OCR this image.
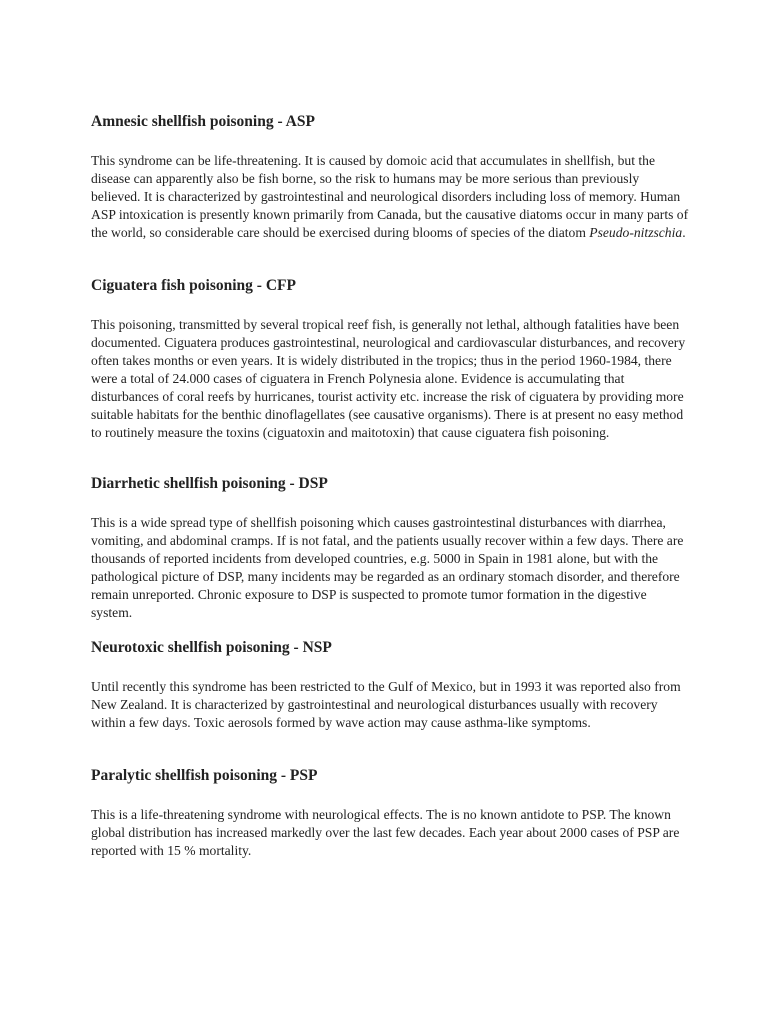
Amnesic shellfish poisoning - ASP

This syndrome can be life-threatening. It is caused by domoic acid that accumulates in shellfish, but the disease can apparently also be fish borne, so the risk to humans may be more serious than previously believed. It is characterized by gastrointestinal and neurological disorders including loss of memory. Human ASP intoxication is presently known primarily from Canada, but the causative diatoms occur in many parts of the world, so considerable care should be exercised during blooms of species of the diatom Pseudo-nitzschia.

Ciguatera fish poisoning - CFP

This poisoning, transmitted by several tropical reef fish, is generally not lethal, although fatalities have been documented. Ciguatera produces gastrointestinal, neurological and cardiovascular disturbances, and recovery often takes months or even years. It is widely distributed in the tropics; thus in the period 1960-1984, there were a total of 24.000 cases of ciguatera in French Polynesia alone. Evidence is accumulating that disturbances of coral reefs by hurricanes, tourist activity etc. increase the risk of ciguatera by providing more suitable habitats for the benthic dinoflagellates (see causative organisms). There is at present no easy method to routinely measure the toxins (ciguatoxin and maitotoxin) that cause ciguatera fish poisoning.

Diarrhetic shellfish poisoning - DSP

This is a wide spread type of shellfish poisoning which causes gastrointestinal disturbances with diarrhea, vomiting, and abdominal cramps. If is not fatal, and the patients usually recover within a few days. There are thousands of reported incidents from developed countries, e.g. 5000 in Spain in 1981 alone, but with the pathological picture of DSP, many incidents may be regarded as an ordinary stomach disorder, and therefore remain unreported. Chronic exposure to DSP is suspected to promote tumor formation in the digestive system.

Neurotoxic shellfish poisoning - NSP

Until recently this syndrome has been restricted to the Gulf of Mexico, but in 1993 it was reported also from New Zealand. It is characterized by gastrointestinal and neurological disturbances usually with recovery within a few days. Toxic aerosols formed by wave action may cause asthma-like symptoms.

Paralytic shellfish poisoning - PSP

This is a life-threatening syndrome with neurological effects. The is no known antidote to PSP. The known global distribution has increased markedly over the last few decades. Each year about 2000 cases of PSP are reported with 15 % mortality.
